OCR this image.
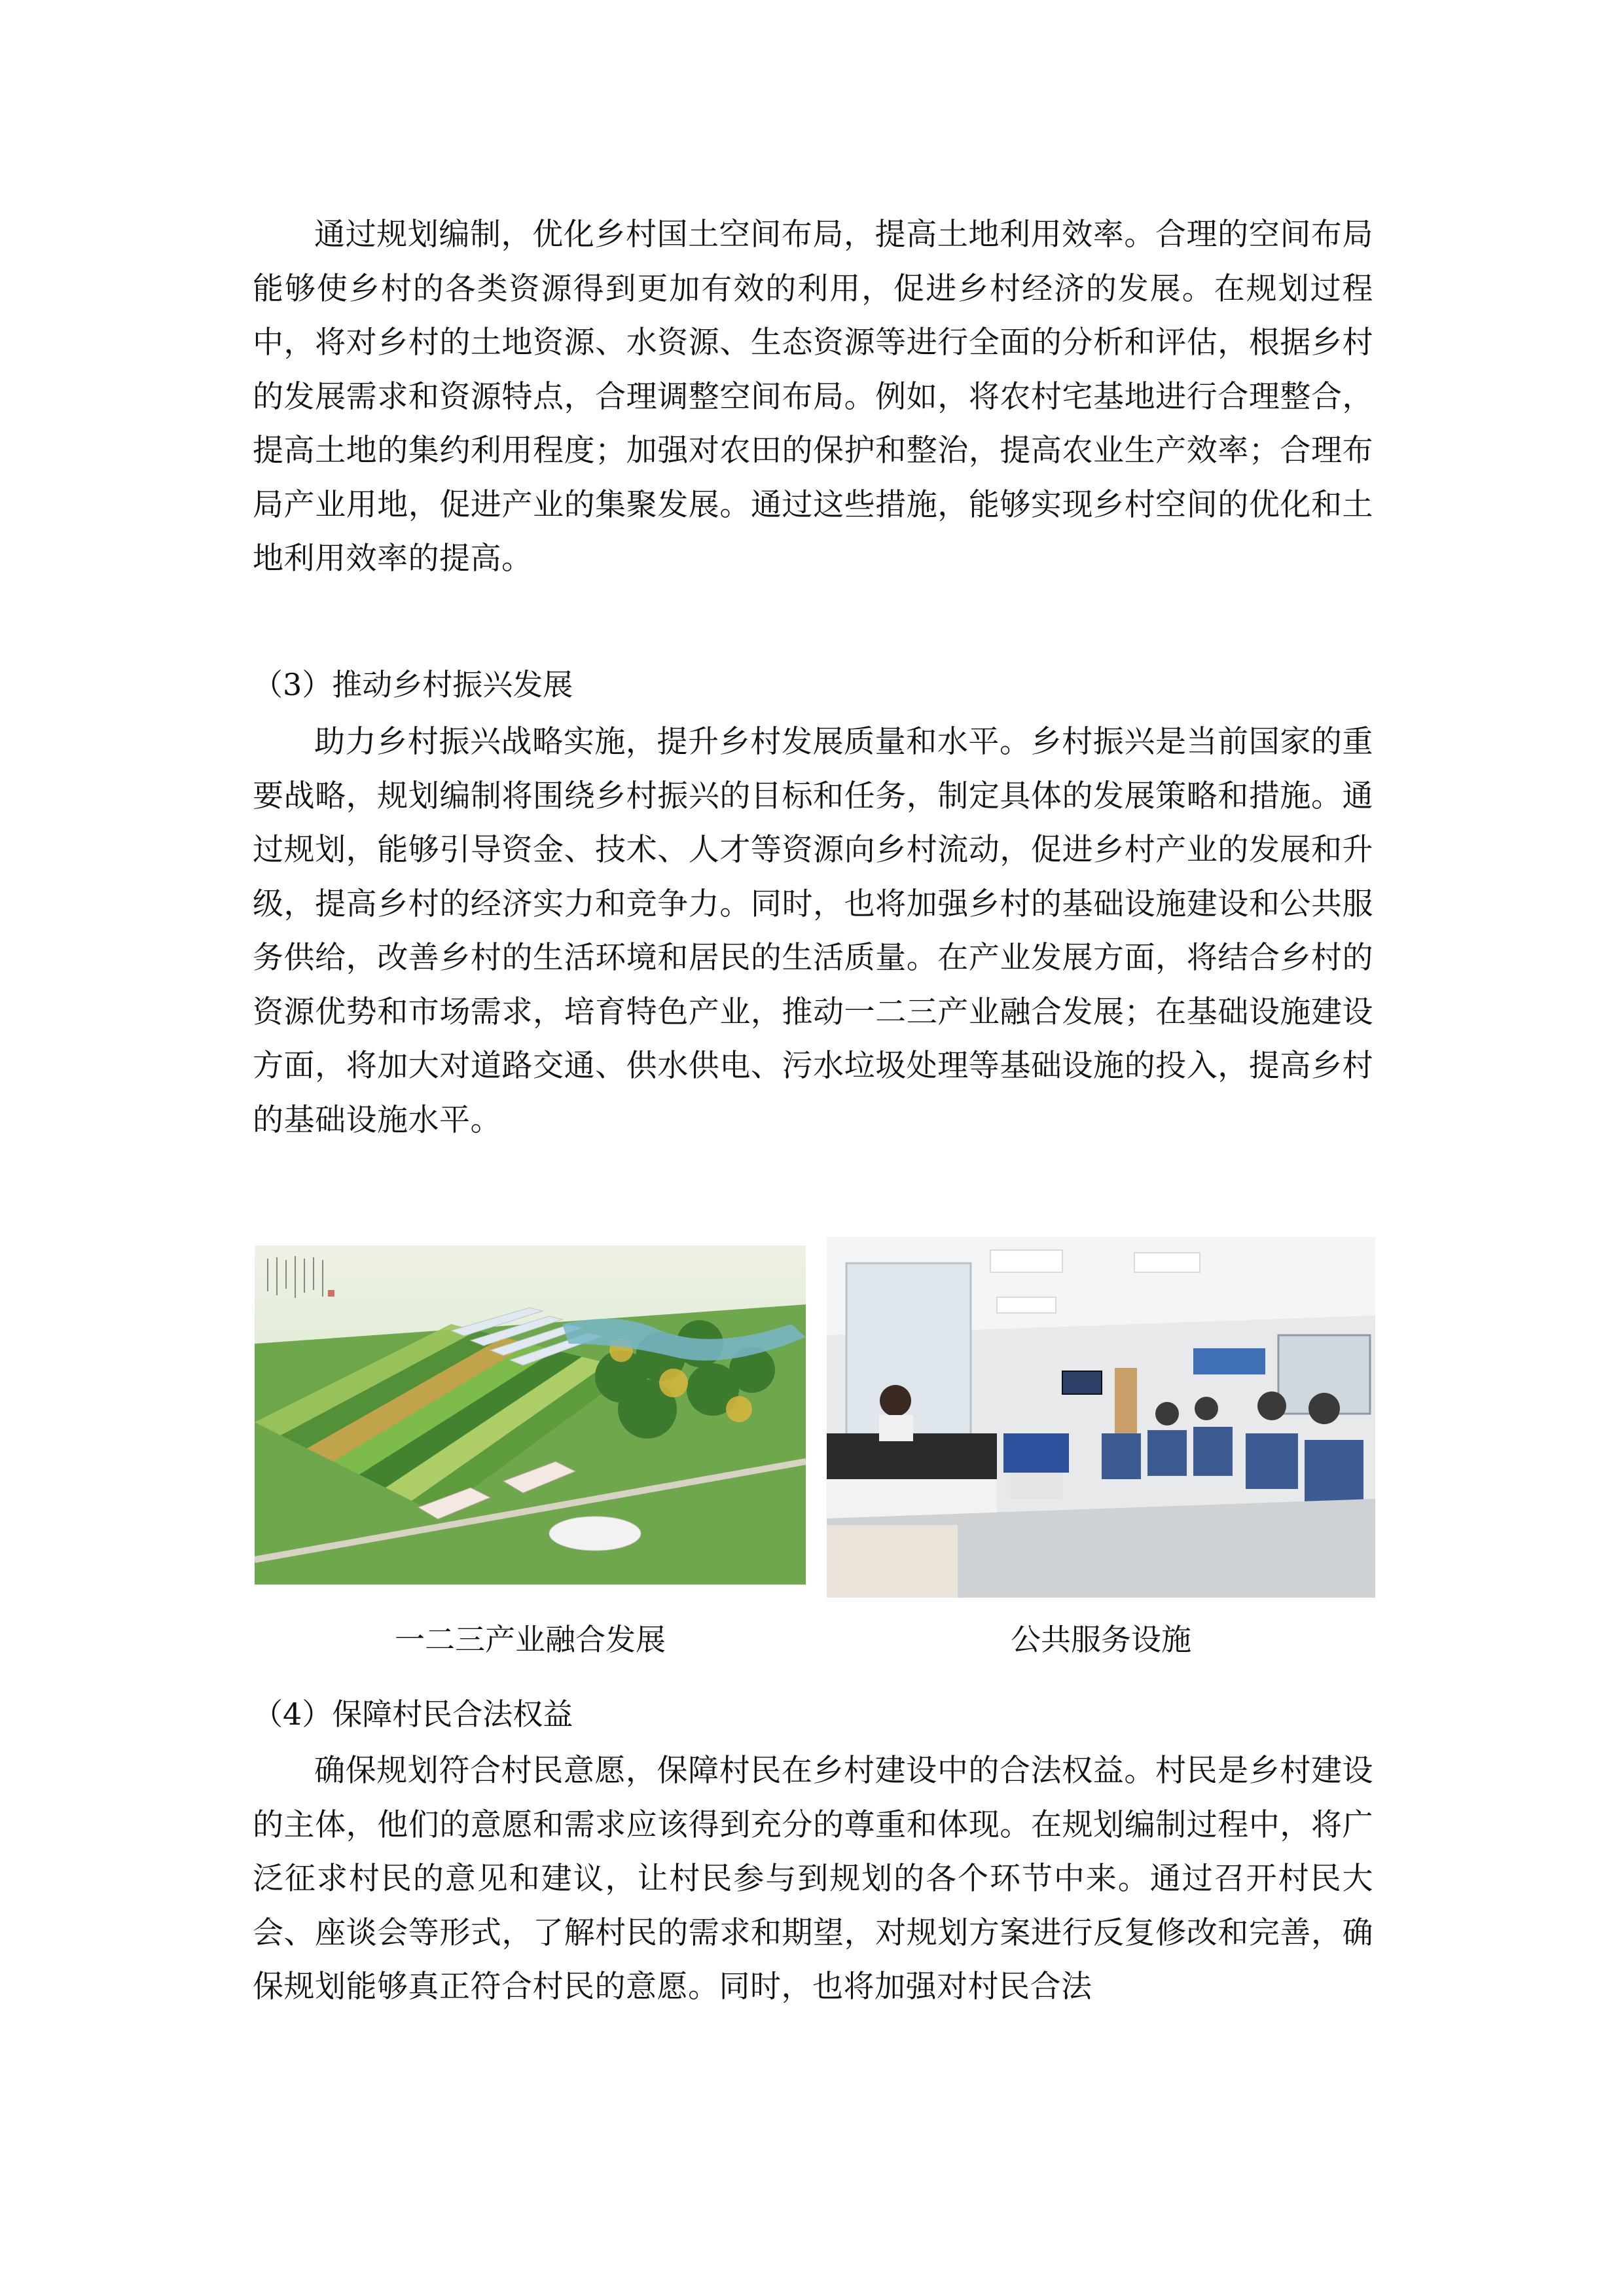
通过规划编制，优化乡村国土空间布局，提高土地利用效率。合理的空间布局能够使乡村的各类资源得到更加有效的利用，促进乡村经济的发展。在规划过程中，将对乡村的土地资源、水资源、生态资源等进行全面的分析和评估，根据乡村的发展需求和资源特点，合理调整空间布局。例如，将农村宅基地进行合理整合，提高土地的集约利用程度；加强对农田的保护和整治，提高农业生产效率；合理布局产业用地，促进产业的集聚发展。通过这些措施，能够实现乡村空间的优化和土地利用效率的提高。

（3）推动乡村振兴发展

助力乡村振兴战略实施，提升乡村发展质量和水平。乡村振兴是当前国家的重要战略，规划编制将围绕乡村振兴的目标和任务，制定具体的发展策略和措施。通过规划，能够引导资金、技术、人才等资源向乡村流动，促进乡村产业的发展和升级，提高乡村的经济实力和竞争力。同时，也将加强乡村的基础设施建设和公共服务供给，改善乡村的生活环境和居民的生活质量。在产业发展方面，将结合乡村的资源优势和市场需求，培育特色产业，推动一二三产业融合发展；在基础设施建设方面，将加大对道路交通、供水供电、污水垃圾处理等基础设施的投入，提高乡村的基础设施水平。

一二三产业融合发展	公共服务设施

（4）保障村民合法权益

确保规划符合村民意愿，保障村民在乡村建设中的合法权益。村民是乡村建设的主体，他们的意愿和需求应该得到充分的尊重和体现。在规划编制过程中，将广泛征求村民的意见和建议，让村民参与到规划的各个环节中来。通过召开村民大会、座谈会等形式，了解村民的需求和期望，对规划方案进行反复修改和完善，确保规划能够真正符合村民的意愿。同时，也将加强对村民合法
